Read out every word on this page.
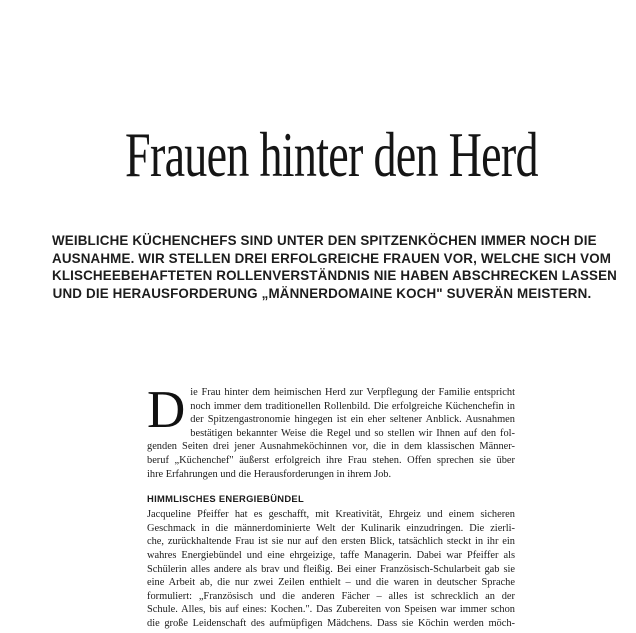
Frauen hinter den Herd
WEIBLICHE KÜCHENCHEFS SIND UNTER DEN SPITZENKÖCHEN IMMER NOCH DIE
AUSNAHME. WIR STELLEN DREI ERFOLGREICHE FRAUEN VOR, WELCHE SICH VOM
KLISCHEEBEHAFTETEN ROLLENVERSTÄNDNIS NIE HABEN ABSCHRECKEN LASSEN
UND DIE HERAUSFORDERUNG „MÄNNERDOMAINE KOCH" SUVERÄN MEISTERN.
D ie Frau hinter dem heimischen Herd zur Verpflegung der Familie entspricht
noch immer dem traditionellen Rollenbild. Die erfolgreiche Küchenchefin in
der Spitzengastronomie hingegen ist ein eher seltener Anblick. Ausnahmen
bestätigen bekannter Weise die Regel und so stellen wir Ihnen auf den fol-
genden Seiten drei jener Ausnahmeköchinnen vor, die in dem klassischen Männer-
beruf „Küchenchef" äußerst erfolgreich ihre Frau stehen. Offen sprechen sie über
ihre Erfahrungen und die Herausforderungen in ihrem Job.
HIMMLISCHES ENERGIEBÜNDEL
Jacqueline Pfeiffer hat es geschafft, mit Kreativität, Ehrgeiz und einem sicheren
Geschmack in die männerdominierte Welt der Kulinarik einzudringen. Die zierli-
che, zurückhaltende Frau ist sie nur auf den ersten Blick, tatsächlich steckt in ihr ein
wahres Energiebündel und eine ehrgeizige, taffe Managerin. Dabei war Pfeiffer als
Schülerin alles andere als brav und fleißig. Bei einer Französisch-Schularbeit gab sie
eine Arbeit ab, die nur zwei Zeilen enthielt – und die waren in deutscher Sprache
formuliert: „Französisch und die anderen Fächer – alles ist schrecklich an der
Schule. Alles, bis auf eines: Kochen.". Das Zubereiten von Speisen war immer schon
die große Leidenschaft des aufmüpfigen Mädchens. Dass sie Köchin werden möch-
